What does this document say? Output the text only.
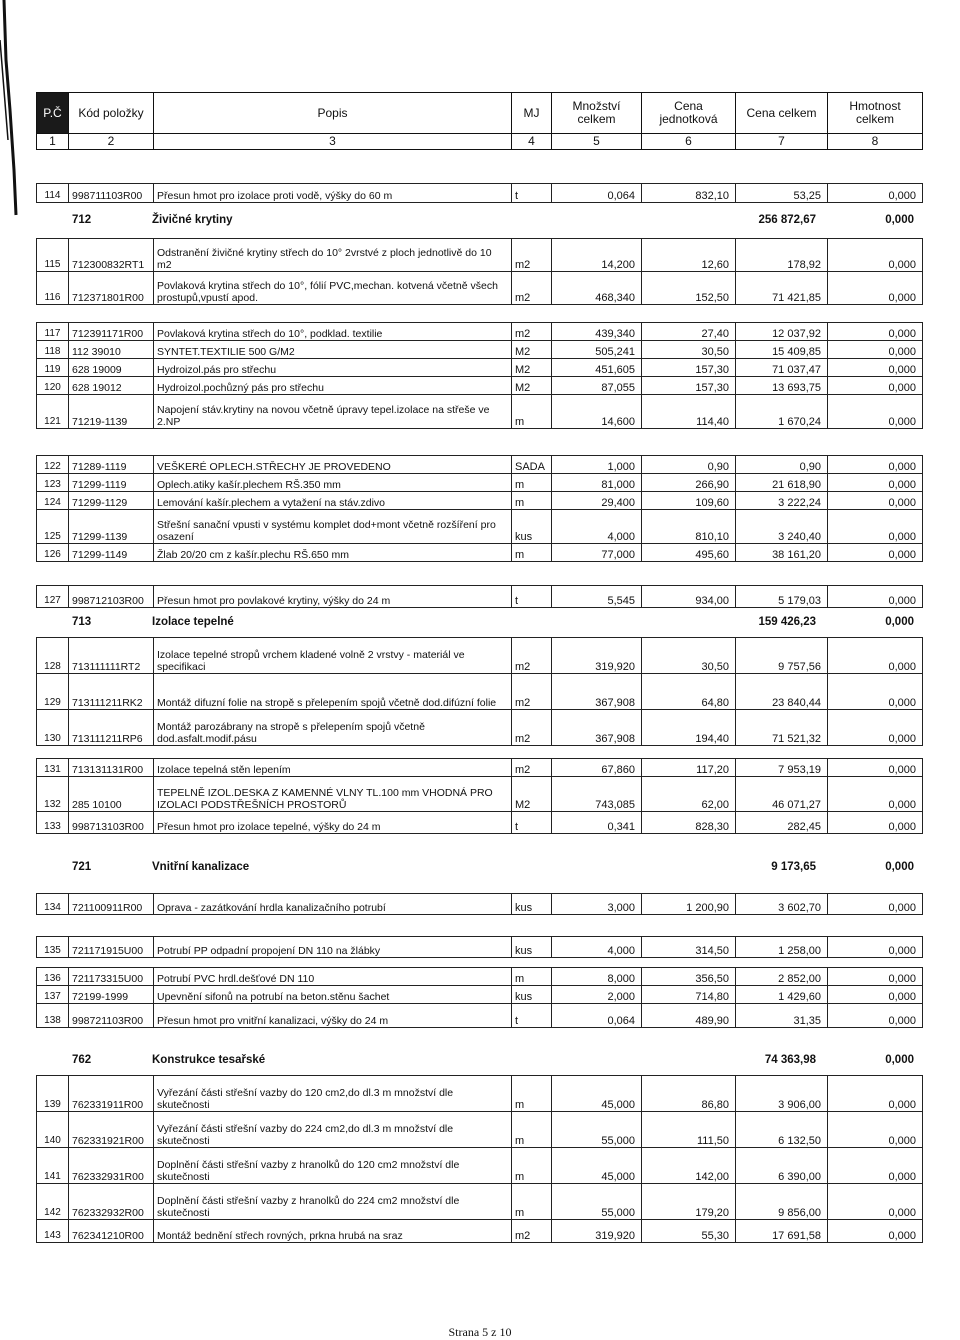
P.Č	Kód položky	Popis	MJ	Množství celkem	Cena jednotková	Cena celkem	Hmotnost celkem
1	2	3	4	5	6	7	8
114	998711103R00	Přesun hmot pro izolace proti vodě, výšky do 60 m	t	0,064	832,10	53,25	0,000
712	Živičné krytiny	256 872,67	0,000
115	712300832RT1	Odstranění živičné krytiny střech do 10° 2vrstvé z ploch jednotlivě do 10 m2	m2	14,200	12,60	178,92	0,000
116	712371801R00	Povlaková krytina střech do 10°, fólií PVC,mechan. kotvená včetně všech prostupů,vpustí apod.	m2	468,340	152,50	71 421,85	0,000
117	712391171R00	Povlaková krytina střech do 10°, podklad. textilie	m2	439,340	27,40	12 037,92	0,000
118	112 39010	SYNTET.TEXTILIE 500 G/M2	M2	505,241	30,50	15 409,85	0,000
119	628 19009	Hydroizol.pás pro střechu	M2	451,605	157,30	71 037,47	0,000
120	628 19012	Hydroizol.pochůzný pás pro střechu	M2	87,055	157,30	13 693,75	0,000
121	71219-1139	Napojení stáv.krytiny na novou včetně úpravy tepel.izolace na střeše ve 2.NP	m	14,600	114,40	1 670,24	0,000
122	71289-1119	VEŠKERÉ OPLECH.STŘECHY JE PROVEDENO	SADA	1,000	0,90	0,90	0,000
123	71299-1119	Oplech.atiky kašír.plechem RŠ.350 mm	m	81,000	266,90	21 618,90	0,000
124	71299-1129	Lemování kašír.plechem a vytažení na stáv.zdivo	m	29,400	109,60	3 222,24	0,000
125	71299-1139	Střešní sanační vpusti v systému komplet dod+mont včetně rozšíření pro osazení	kus	4,000	810,10	3 240,40	0,000
126	71299-1149	Žlab 20/20 cm z kašír.plechu RŠ.650 mm	m	77,000	495,60	38 161,20	0,000
127	998712103R00	Přesun hmot pro povlakové krytiny, výšky do 24 m	t	5,545	934,00	5 179,03	0,000
713	Izolace tepelné	159 426,23	0,000
128	713111111RT2	Izolace tepelné stropů vrchem kladené volně 2 vrstvy - materiál ve specifikaci	m2	319,920	30,50	9 757,56	0,000
129	713111211RK2	Montáž difuzní folie na stropě s přelepením spojů včetně dod.difúzní folie	m2	367,908	64,80	23 840,44	0,000
130	713111211RP6	Montáž parozábrany na stropě s přelepením spojů včetně dod.asfalt.modif.pásu	m2	367,908	194,40	71 521,32	0,000
131	713131131R00	Izolace tepelná stěn lepením	m2	67,860	117,20	7 953,19	0,000
132	285 10100	TEPELNĚ IZOL.DESKA Z KAMENNÉ VLNY TL.100 mm VHODNÁ PRO IZOLACI PODSTŘEŠNÍCH PROSTORŮ	M2	743,085	62,00	46 071,27	0,000
133	998713103R00	Přesun hmot pro izolace tepelné, výšky do 24 m	t	0,341	828,30	282,45	0,000
721	Vnitřní kanalizace	9 173,65	0,000
134	721100911R00	Oprava - zazátkování hrdla kanalizačního potrubí	kus	3,000	1 200,90	3 602,70	0,000
135	721171915U00	Potrubí PP odpadní propojení DN 110 na žlábky	kus	4,000	314,50	1 258,00	0,000
136	721173315U00	Potrubí PVC hrdl.dešťové DN 110	m	8,000	356,50	2 852,00	0,000
137	72199-1999	Upevnění sifonů na potrubí na beton.stěnu šachet	kus	2,000	714,80	1 429,60	0,000
138	998721103R00	Přesun hmot pro vnitřní kanalizaci, výšky do 24 m	t	0,064	489,90	31,35	0,000
762	Konstrukce tesařské	74 363,98	0,000
139	762331911R00	Vyřezání části střešní vazby do 120 cm2,do dl.3 m množství dle skutečnosti	m	45,000	86,80	3 906,00	0,000
140	762331921R00	Vyřezání části střešní vazby do 224 cm2,do dl.3 m množství dle skutečnosti	m	55,000	111,50	6 132,50	0,000
141	762332931R00	Doplnění části střešní vazby z hranolků do 120 cm2 množství dle skutečnosti	m	45,000	142,00	6 390,00	0,000
142	762332932R00	Doplnění části střešní vazby z hranolků do 224 cm2 množství dle skutečnosti	m	55,000	179,20	9 856,00	0,000
143	762341210R00	Montáž bednění střech rovných, prkna hrubá na sraz	m2	319,920	55,30	17 691,58	0,000
Strana 5 z 10
